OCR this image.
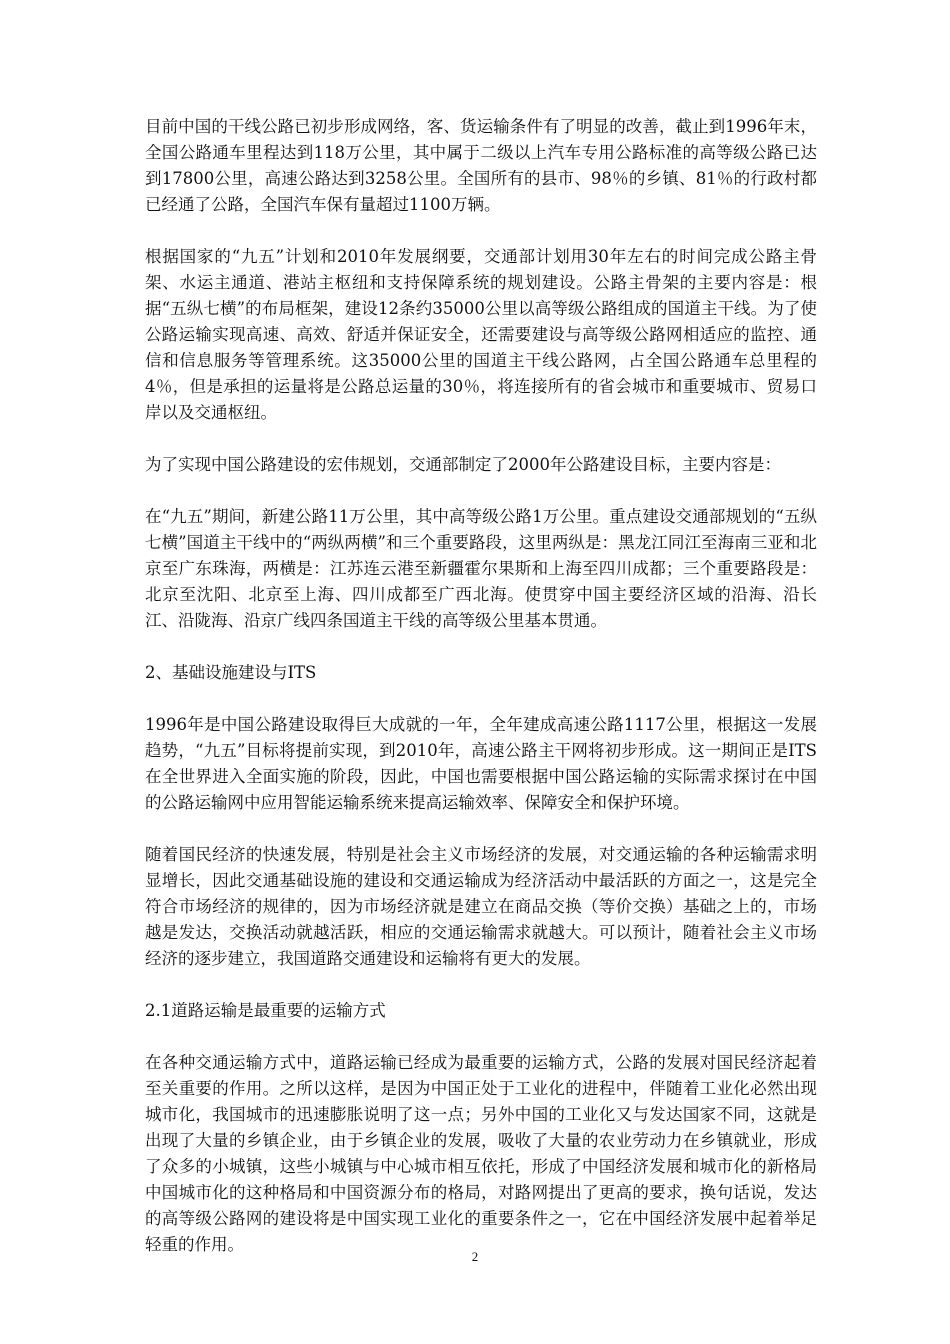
目前中国的干线公路已初步形成网络，客、货运输条件有了明显的改善，截止到1996年末，全国公路通车里程达到118万公里，其中属于二级以上汽车专用公路标准的高等级公路已达到17800公里，高速公路达到3258公里。全国所有的县市、98％的乡镇、81％的行政村都已经通了公路，全国汽车保有量超过1100万辆。

根据国家的“九五”计划和2010年发展纲要，交通部计划用30年左右的时间完成公路主骨架、水运主通道、港站主枢纽和支持保障系统的规划建设。公路主骨架的主要内容是：根据“五纵七横”的布局框架，建设12条约35000公里以高等级公路组成的国道主干线。为了使公路运输实现高速、高效、舒适并保证安全，还需要建设与高等级公路网相适应的监控、通信和信息服务等管理系统。这35000公里的国道主干线公路网，占全国公路通车总里程的4％，但是承担的运量将是公路总运量的30％，将连接所有的省会城市和重要城市、贸易口岸以及交通枢纽。

为了实现中国公路建设的宏伟规划，交通部制定了2000年公路建设目标，主要内容是：

在“九五”期间，新建公路11万公里，其中高等级公路1万公里。重点建设交通部规划的“五纵七横”国道主干线中的“两纵两横”和三个重要路段，这里两纵是：黑龙江同江至海南三亚和北京至广东珠海，两横是：江苏连云港至新疆霍尔果斯和上海至四川成都；三个重要路段是：北京至沈阳、北京至上海、四川成都至广西北海。使贯穿中国主要经济区域的沿海、沿长江、沿陇海、沿京广线四条国道主干线的高等级公里基本贯通。

2、基础设施建设与ITS

1996年是中国公路建设取得巨大成就的一年，全年建成高速公路1117公里，根据这一发展趋势，“九五”目标将提前实现，到2010年，高速公路主干网将初步形成。这一期间正是ITS在全世界进入全面实施的阶段，因此，中国也需要根据中国公路运输的实际需求探讨在中国的公路运输网中应用智能运输系统来提高运输效率、保障安全和保护环境。

随着国民经济的快速发展，特别是社会主义市场经济的发展，对交通运输的各种运输需求明显增长，因此交通基础设施的建设和交通运输成为经济活动中最活跃的方面之一，这是完全符合市场经济的规律的，因为市场经济就是建立在商品交换（等价交换）基础之上的，市场越是发达，交换活动就越活跃，相应的交通运输需求就越大。可以预计，随着社会主义市场经济的逐步建立，我国道路交通建设和运输将有更大的发展。

2.1道路运输是最重要的运输方式

在各种交通运输方式中，道路运输已经成为最重要的运输方式，公路的发展对国民经济起着至关重要的作用。之所以这样，是因为中国正处于工业化的进程中，伴随着工业化必然出现城市化，我国城市的迅速膨胀说明了这一点；另外中国的工业化又与发达国家不同，这就是出现了大量的乡镇企业，由于乡镇企业的发展，吸收了大量的农业劳动力在乡镇就业，形成了众多的小城镇，这些小城镇与中心城市相互依托，形成了中国经济发展和城市化的新格局中国城市化的这种格局和中国资源分布的格局，对路网提出了更高的要求，换句话说，发达的高等级公路网的建设将是中国实现工业化的重要条件之一，它在中国经济发展中起着举足轻重的作用。

2
